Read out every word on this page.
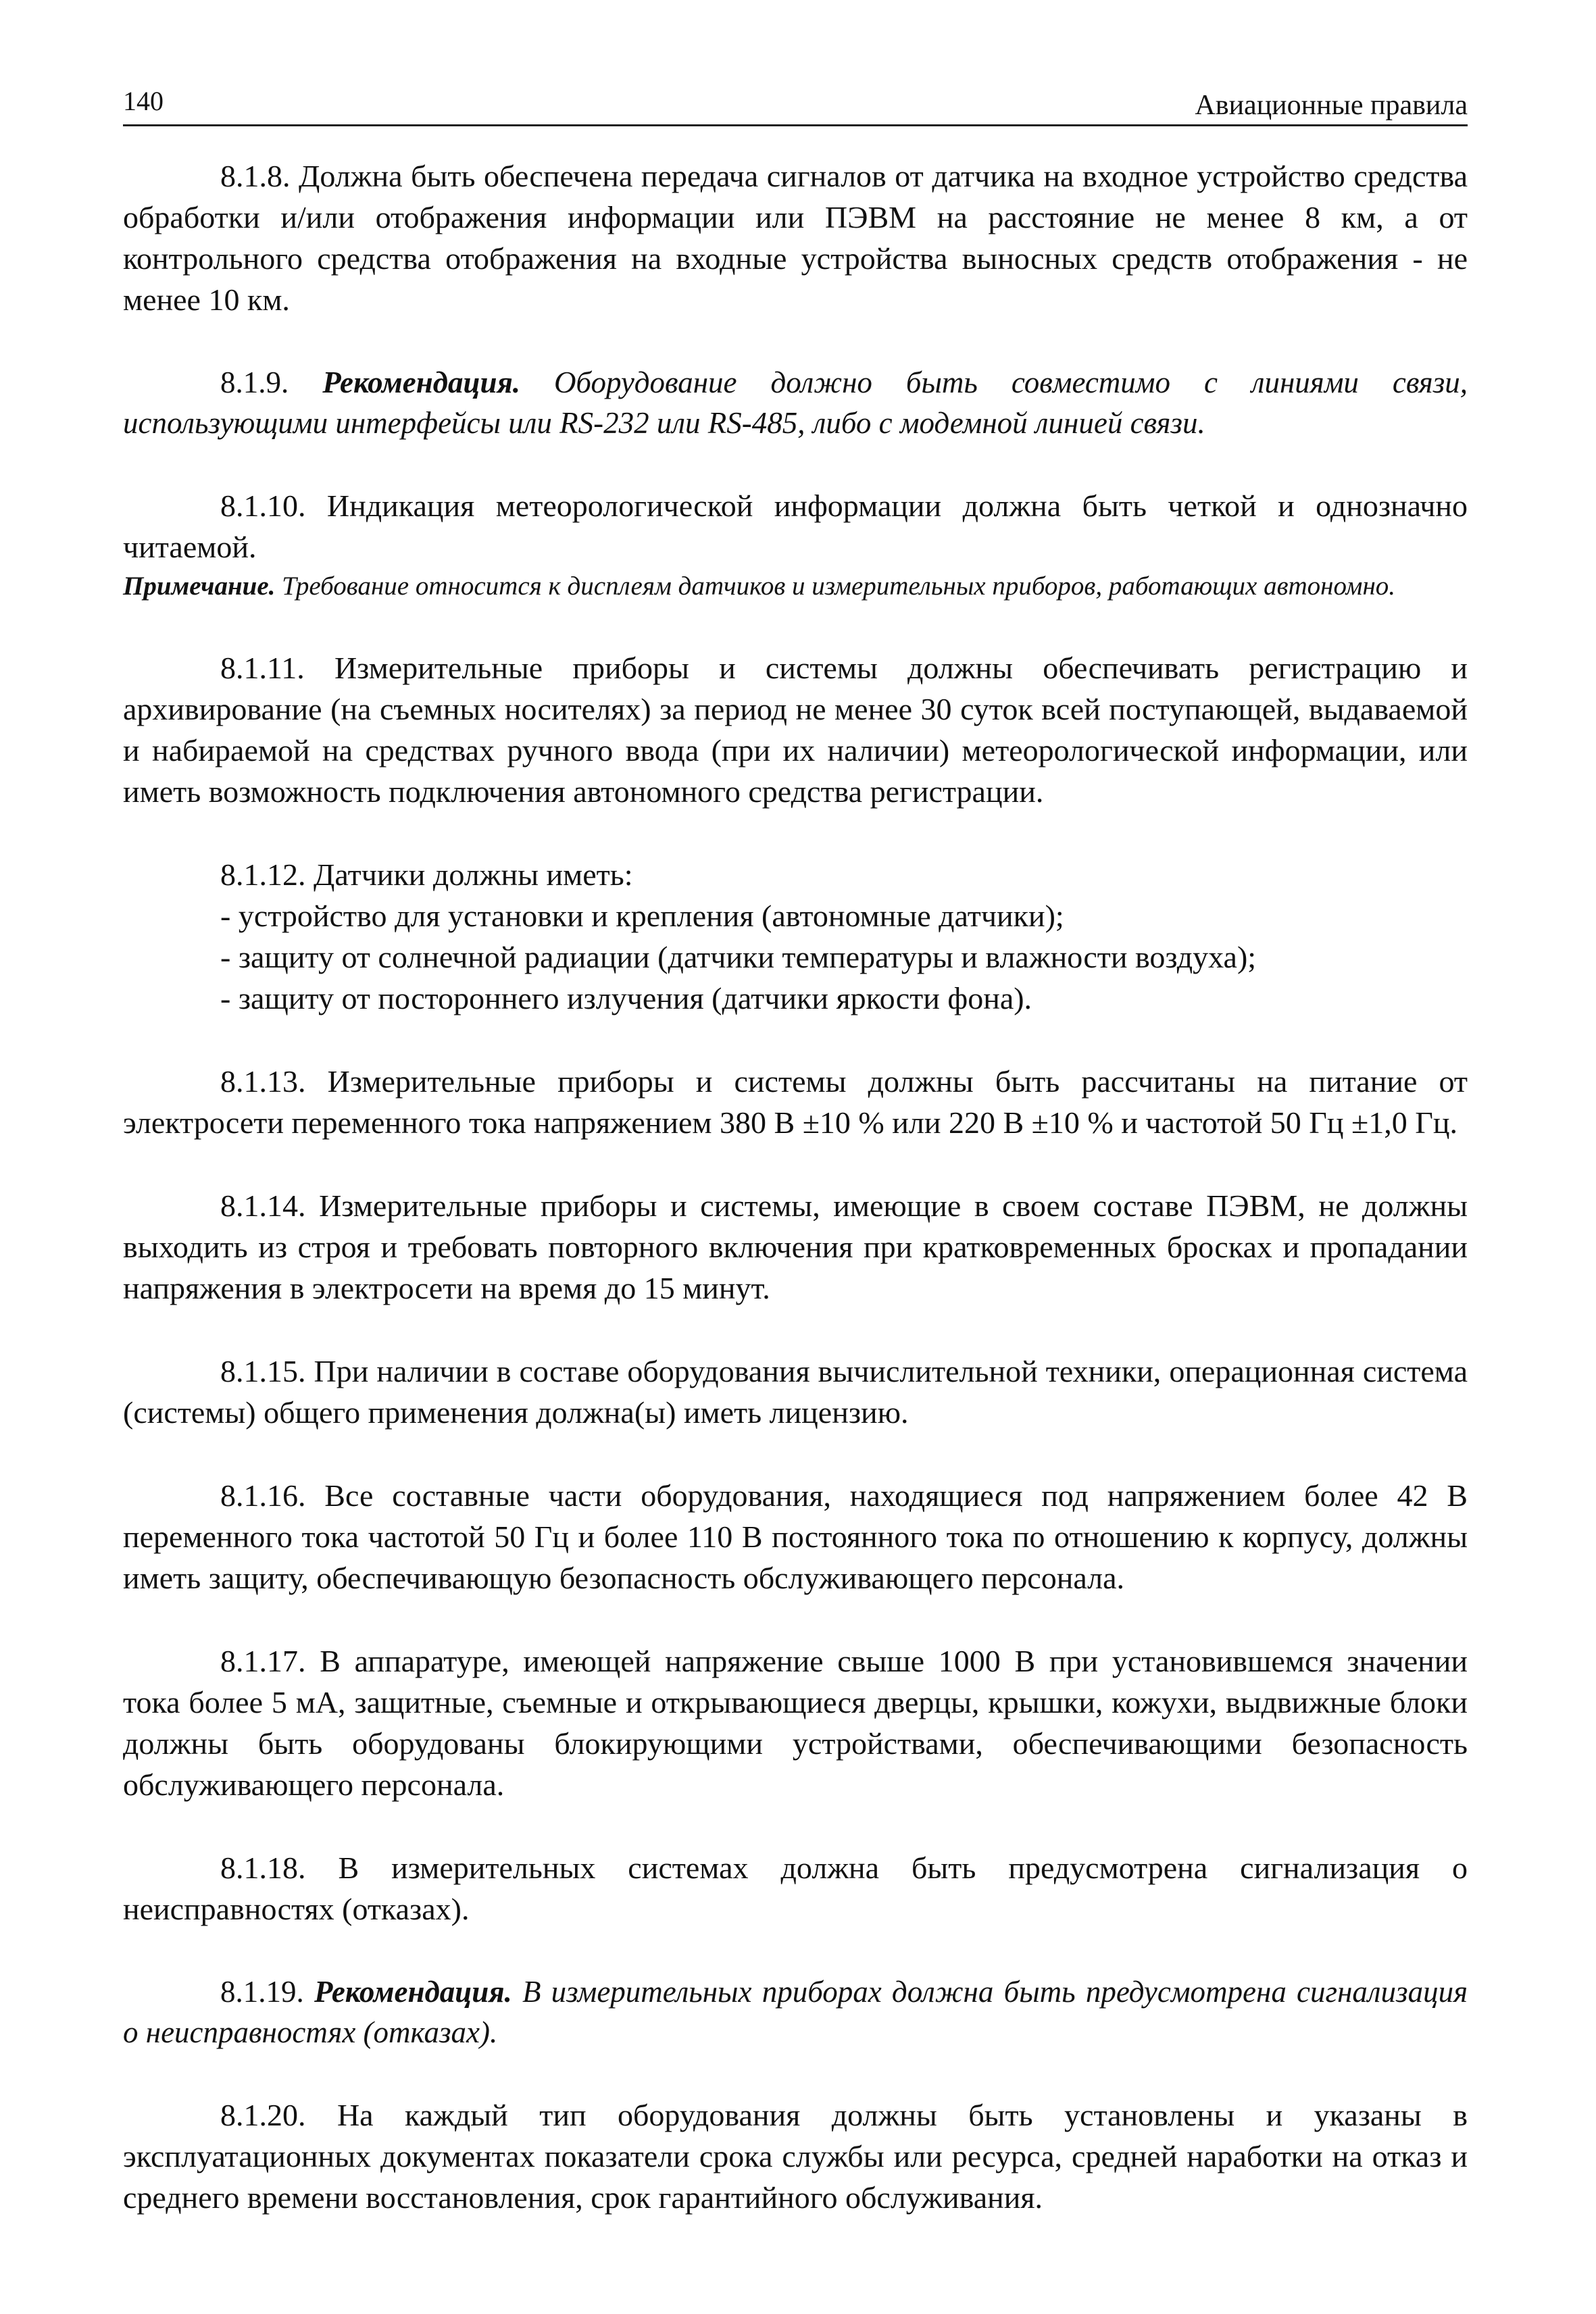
140	Авиационные правила

8.1.8. Должна быть обеспечена передача сигналов от датчика на входное устройство средства обработки и/или отображения информации или ПЭВМ на расстояние не менее 8 км, а от контрольного средства отображения на входные устройства выносных средств отображения - не менее 10 км.

8.1.9. Рекомендация. Оборудование должно быть совместимо с линиями связи, использующими интерфейсы или RS-232 или RS-485, либо с модемной линией связи.

8.1.10. Индикация метеорологической информации должна быть четкой и однозначно читаемой.

Примечание. Требование относится к дисплеям датчиков и измерительных приборов, работающих автономно.

8.1.11. Измерительные приборы и системы должны обеспечивать регистрацию и архивирование (на съемных носителях) за период не менее 30 суток всей поступающей, выдаваемой и набираемой на средствах ручного ввода (при их наличии) метеорологической информации, или иметь возможность подключения автономного средства регистрации.

8.1.12. Датчики должны иметь:

- устройство для установки и крепления (автономные датчики);

- защиту от солнечной радиации (датчики температуры и влажности воздуха);

- защиту от постороннего излучения (датчики яркости фона).

8.1.13. Измерительные приборы и системы должны быть рассчитаны на питание от электросети переменного тока напряжением 380 В ±10 % или 220 В ±10 % и частотой 50 Гц ±1,0 Гц.

8.1.14. Измерительные приборы и системы, имеющие в своем составе ПЭВМ, не должны выходить из строя и требовать повторного включения при кратковременных бросках и пропадании напряжения в электросети на время до 15 минут.

8.1.15. При наличии в составе оборудования вычислительной техники, операционная система (системы) общего применения должна(ы) иметь лицензию.

8.1.16. Все составные части оборудования, находящиеся под напряжением более 42 В переменного тока частотой 50 Гц и более 110 В постоянного тока по отношению к корпусу, должны иметь защиту, обеспечивающую безопасность обслуживающего персонала.

8.1.17. В аппаратуре, имеющей напряжение свыше 1000 В при установившемся значении тока более 5 мА, защитные, съемные и открывающиеся дверцы, крышки, кожухи, выдвижные блоки должны быть оборудованы блокирующими устройствами, обеспечивающими безопасность обслуживающего персонала.

8.1.18. В измерительных системах должна быть предусмотрена сигнализация о неисправностях (отказах).

8.1.19. Рекомендация. В измерительных приборах должна быть предусмотрена сигнализация о неисправностях (отказах).

8.1.20. На каждый тип оборудования должны быть установлены и указаны в эксплуатационных документах показатели срока службы или ресурса, средней наработки на отказ и среднего времени восстановления, срок гарантийного обслуживания.
